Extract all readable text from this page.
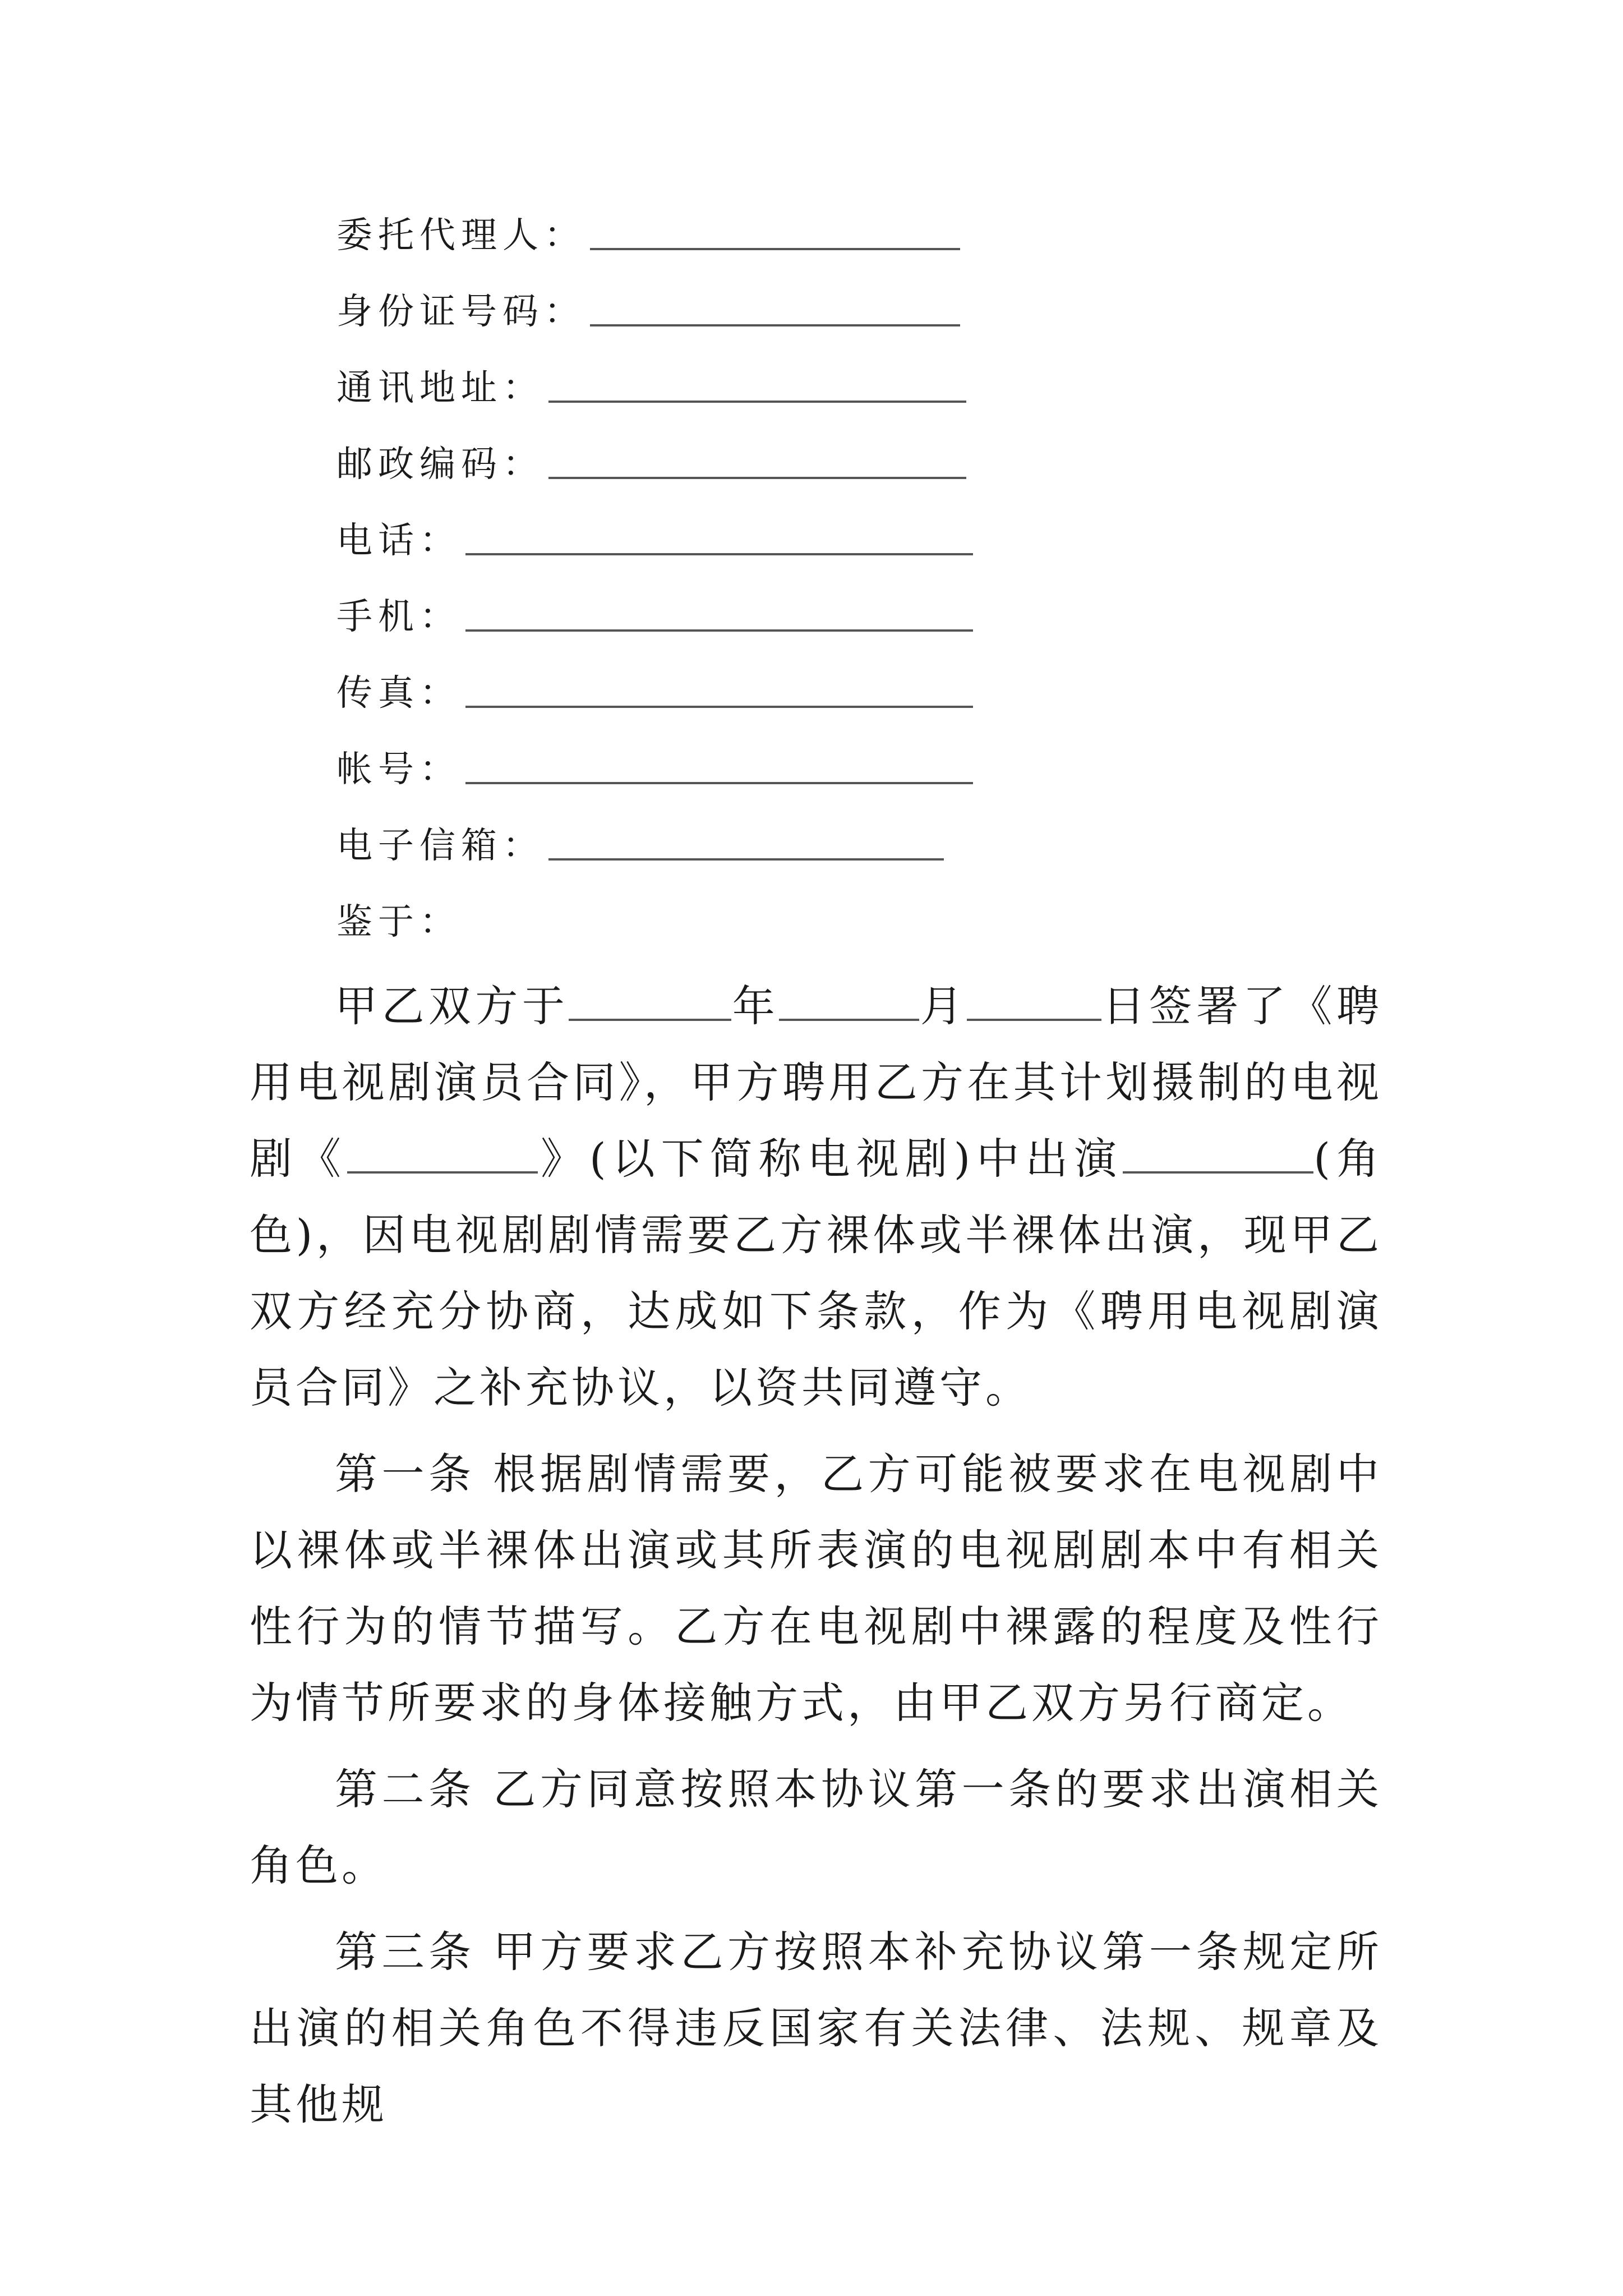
委托代理人：
身份证号码：
通讯地址：
邮政编码：
电话：
手机：
传真：
帐号：
电子信箱：
鉴于：

甲乙双方于	年	月	日签署了《聘用电视剧演员合同》，甲方聘用乙方在其计划摄制的电视剧《	》(以下简称电视剧)中出演	(角色)，因电视剧剧情需要乙方裸体或半裸体出演，现甲乙双方经充分协商，达成如下条款，作为《聘用电视剧演员合同》之补充协议，以资共同遵守。

第一条 根据剧情需要，乙方可能被要求在电视剧中以裸体或半裸体出演或其所表演的电视剧剧本中有相关性行为的情节描写。乙方在电视剧中裸露的程度及性行为情节所要求的身体接触方式，由甲乙双方另行商定。

第二条 乙方同意按照本协议第一条的要求出演相关角色。

第三条 甲方要求乙方按照本补充协议第一条规定所出演的相关角色不得违反国家有关法律、法规、规章及其他规
